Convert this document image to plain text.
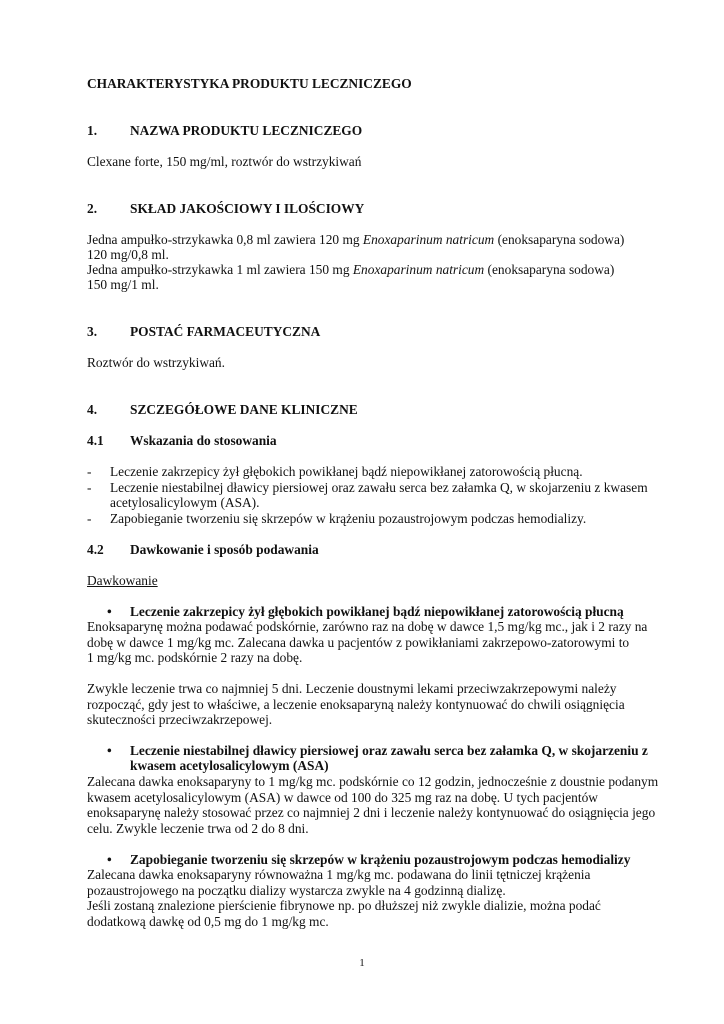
CHARAKTERYSTYKA PRODUKTU LECZNICZEGO
1. NAZWA PRODUKTU LECZNICZEGO
Clexane forte, 150 mg/ml, roztwór do wstrzykiwań
2. SKŁAD JAKOŚCIOWY I ILOŚCIOWY
Jedna ampułko-strzykawka 0,8 ml zawiera 120 mg Enoxaparinum natricum (enoksaparyna sodowa)
120 mg/0,8 ml.
Jedna ampułko-strzykawka 1 ml zawiera 150 mg Enoxaparinum natricum (enoksaparyna sodowa)
150 mg/1 ml.
3. POSTAĆ FARMACEUTYCZNA
Roztwór do wstrzykiwań.
4. SZCZEGÓŁOWE DANE KLINICZNE
4.1 Wskazania do stosowania
- Leczenie zakrzepicy żył głębokich powikłanej bądź niepowikłanej zatorowością płucną.
- Leczenie niestabilnej dławicy piersiowej oraz zawału serca bez załamka Q, w skojarzeniu z kwasem
acetylosalicylowym (ASA).
- Zapobieganie tworzeniu się skrzepów w krążeniu pozaustrojowym podczas hemodializy.
4.2 Dawkowanie i sposób podawania
Dawkowanie
• Leczenie zakrzepicy żył głębokich powikłanej bądź niepowikłanej zatorowością płucną
Enoksaparynę można podawać podskórnie, zarówno raz na dobę w dawce 1,5 mg/kg mc., jak i 2 razy na
dobę w dawce 1 mg/kg mc. Zalecana dawka u pacjentów z powikłaniami zakrzepowo-zatorowymi to
1 mg/kg mc. podskórnie 2 razy na dobę.
Zwykle leczenie trwa co najmniej 5 dni. Leczenie doustnymi lekami przeciwzakrzepowymi należy
rozpocząć, gdy jest to właściwe, a leczenie enoksaparyną należy kontynuować do chwili osiągnięcia
skuteczności przeciwzakrzepowej.
• Leczenie niestabilnej dławicy piersiowej oraz zawału serca bez załamka Q, w skojarzeniu z
kwasem acetylosalicylowym (ASA)
Zalecana dawka enoksaparyny to 1 mg/kg mc. podskórnie co 12 godzin, jednocześnie z doustnie podanym
kwasem acetylosalicylowym (ASA) w dawce od 100 do 325 mg raz na dobę. U tych pacjentów
enoksaparynę należy stosować przez co najmniej 2 dni i leczenie należy kontynuować do osiągnięcia jego
celu. Zwykle leczenie trwa od 2 do 8 dni.
• Zapobieganie tworzeniu się skrzepów w krążeniu pozaustrojowym podczas hemodializy
Zalecana dawka enoksaparyny równoważna 1 mg/kg mc. podawana do linii tętniczej krążenia
pozaustrojowego na początku dializy wystarcza zwykle na 4 godzinną dializę.
Jeśli zostaną znalezione pierścienie fibrynowe np. po dłuższej niż zwykle dializie, można podać
dodatkową dawkę od 0,5 mg do 1 mg/kg mc.
1
